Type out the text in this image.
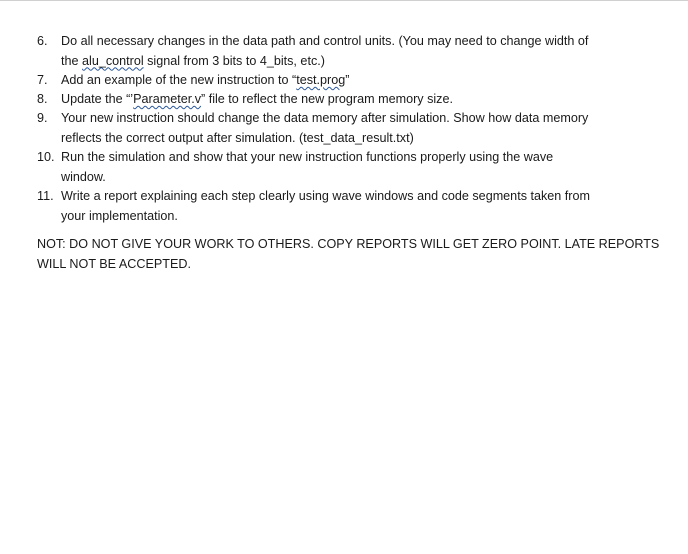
6.	Do all necessary changes in the data path and control units. (You may need to change width of
the alu_control signal from 3 bits to 4_bits, etc.)
7.	Add an example of the new instruction to “test.prog”
8.	Update the “’Parameter.v” file to reflect the new program memory size.
9.	Your new instruction should change the data memory after simulation. Show how data memory
reflects the correct output after simulation. (test_data_result.txt)
10. Run the simulation and show that your new instruction functions properly using the wave
window.
11. Write a report explaining each step clearly using wave windows and code segments taken from
your implementation.
NOT: DO NOT GIVE YOUR WORK TO OTHERS. COPY REPORTS WILL GET ZERO POINT. LATE REPORTS
WILL NOT BE ACCEPTED.
